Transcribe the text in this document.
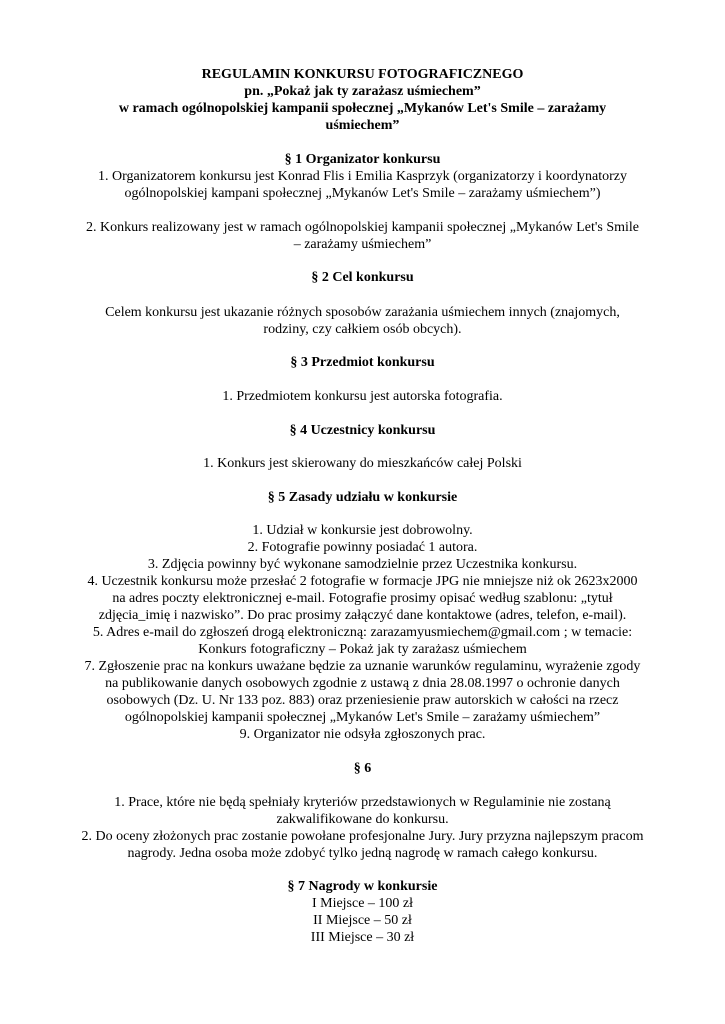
REGULAMIN KONKURSU FOTOGRAFICZNEGO
pn. „Pokaż jak ty zarażasz uśmiechem”
w ramach ogólnopolskiej kampanii społecznej „Mykanów Let's Smile – zarażamy
uśmiechem”
§ 1 Organizator konkursu
1. Organizatorem konkursu jest Konrad Flis i Emilia Kasprzyk (organizatorzy i koordynatorzy
ogólnopolskiej kampani społecznej „Mykanów Let's Smile – zarażamy uśmiechem”)
2. Konkurs realizowany jest w ramach ogólnopolskiej kampanii społecznej „Mykanów Let's Smile
– zarażamy uśmiechem”
§ 2 Cel konkursu
Celem konkursu jest ukazanie różnych sposobów zarażania uśmiechem innych (znajomych,
rodziny, czy całkiem osób obcych).
§ 3 Przedmiot konkursu
1. Przedmiotem konkursu jest autorska fotografia.
§ 4 Uczestnicy konkursu
1. Konkurs jest skierowany do mieszkańców całej Polski
§ 5 Zasady udziału w konkursie
1. Udział w konkursie jest dobrowolny.
2. Fotografie powinny posiadać 1 autora.
3. Zdjęcia powinny być wykonane samodzielnie przez Uczestnika konkursu.
4. Uczestnik konkursu może przesłać 2 fotografie w formacje JPG nie mniejsze niż ok 2623x2000
na adres poczty elektronicznej e-mail. Fotografie prosimy opisać według szablonu: „tytuł
zdjęcia_imię i nazwisko”. Do prac prosimy załączyć dane kontaktowe (adres, telefon, e-mail).
5. Adres e-mail do zgłoszeń drogą elektroniczną: zarazamyusmiechem@gmail.com ; w temacie:
Konkurs fotograficzny – Pokaż jak ty zarażasz uśmiechem
7. Zgłoszenie prac na konkurs uważane będzie za uznanie warunków regulaminu, wyrażenie zgody
na publikowanie danych osobowych zgodnie z ustawą z dnia 28.08.1997 o ochronie danych
osobowych (Dz. U. Nr 133 poz. 883) oraz przeniesienie praw autorskich w całości na rzecz
ogólnopolskiej kampanii społecznej „Mykanów Let's Smile – zarażamy uśmiechem”
9. Organizator nie odsyła zgłoszonych prac.
§ 6
1. Prace, które nie będą spełniały kryteriów przedstawionych w Regulaminie nie zostaną
zakwalifikowane do konkursu.
2. Do oceny złożonych prac zostanie powołane profesjonalne Jury. Jury przyzna najlepszym pracom
nagrody. Jedna osoba może zdobyć tylko jedną nagrodę w ramach całego konkursu.
§ 7 Nagrody w konkursie
I Miejsce – 100 zł
II Miejsce – 50 zł
III Miejsce – 30 zł
